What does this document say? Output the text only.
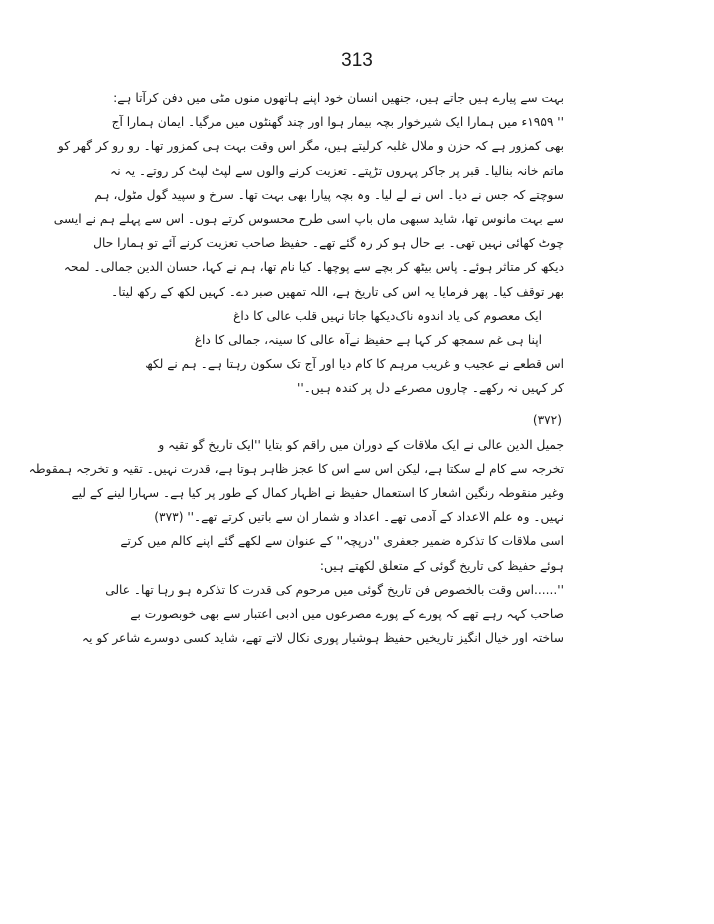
313
بہت سے پیارے ہیں جاتے ہیں، جنھیں انسان خود اپنے ہاتھوں منوں مٹی میں دفن کرآتا ہے:
'' ۱۹۵۹ء میں ہمارا ایک شیرخوار بچہ بیمار ہوا اور چند گھنٹوں میں مرگیا۔ ایمان ہمارا آج
بھی کمزور ہے کہ حزن و ملال غلبہ کرلیتے ہیں، مگر اس وقت بہت ہی کمزور تھا۔ رو رو کر گھر کو
ماتم خانہ بنالیا۔ قبر پر جاکر پہروں تڑپتے۔ تعزیت کرنے والوں سے لپٹ لپٹ کر روتے۔ یہ نہ
سوچتے کہ جس نے دیا۔ اس نے لے لیا۔ وہ بچہ پیارا بھی بہت تھا۔ سرخ و سپید گول مٹول، ہم
سے بہت مانوس تھا، شاید سبھی ماں باپ اسی طرح محسوس کرتے ہوں۔ اس سے پہلے ہم نے ایسی
چوٹ کھائی نہیں تھی۔ بے حال ہو کر رہ گئے تھے۔ حفیظ صاحب تعزیت کرنے آئے تو ہمارا حال
دیکھ کر متاثر ہوئے۔ پاس بیٹھ کر بچے سے پوچھا۔ کیا نام تھا، ہم نے کہا، حسان الدین جمالی۔ لمحہ
بھر توقف کیا۔ پھر فرمایا یہ اس کی تاریخ ہے، اللہ تمھیں صبر دے۔ کہیں لکھ کے رکھ لیتا۔
ایک معصوم کی یاد اندوہ ناک
دیکھا جاتا نہیں قلب عالی کا داغ
اپنا ہی غم سمجھ کر کہا ہے حفیظ نے
آہ عالی کا سینہ، جمالی کا داغ
اس قطعے نے عجیب و غریب مرہم کا کام دیا اور آج تک سکون رہتا ہے۔ ہم نے لکھ
کر کہیں نہ رکھے۔ چاروں مصرعے دل پر کندہ ہیں۔''
(۳۷۲)
جمیل الدین عالی نے ایک ملاقات کے دوران میں راقم کو بتایا ''ایک تاریخ گو تقیہ و
تخرجہ سے کام لے سکتا ہے، لیکن اس سے اس کا عجز ظاہر ہوتا ہے، قدرت نہیں۔ تقیہ و تخرجہ ہمقوطہ
وغیر منقوطہ رنگین اشعار کا استعمال حفیظ نے اظہار کمال کے طور پر کیا ہے۔ سہارا لینے کے لیے
نہیں۔ وہ علم الاعداد کے آدمی تھے۔ اعداد و شمار ان سے باتیں کرتے تھے۔'' (۳۷۳)
اسی ملاقات کا تذکرہ ضمیر جعفری ''درپچہ'' کے عنوان سے لکھے گئے اپنے کالم میں کرتے
ہوئے حفیظ کی تاریخ گوئی کے متعلق لکھتے ہیں:
''......اس وقت بالخصوص فن تاریخ گوئی میں مرحوم کی قدرت کا تذکرہ ہو رہا تھا۔ عالی
صاحب کہہ رہے تھے کہ پورے کے پورے مصرعوں میں ادبی اعتبار سے بھی خوبصورت بے
ساختہ اور خیال انگیز تاریخیں حفیظ ہوشیار پوری نکال لاتے تھے، شاید کسی دوسرے شاعر کو یہ
